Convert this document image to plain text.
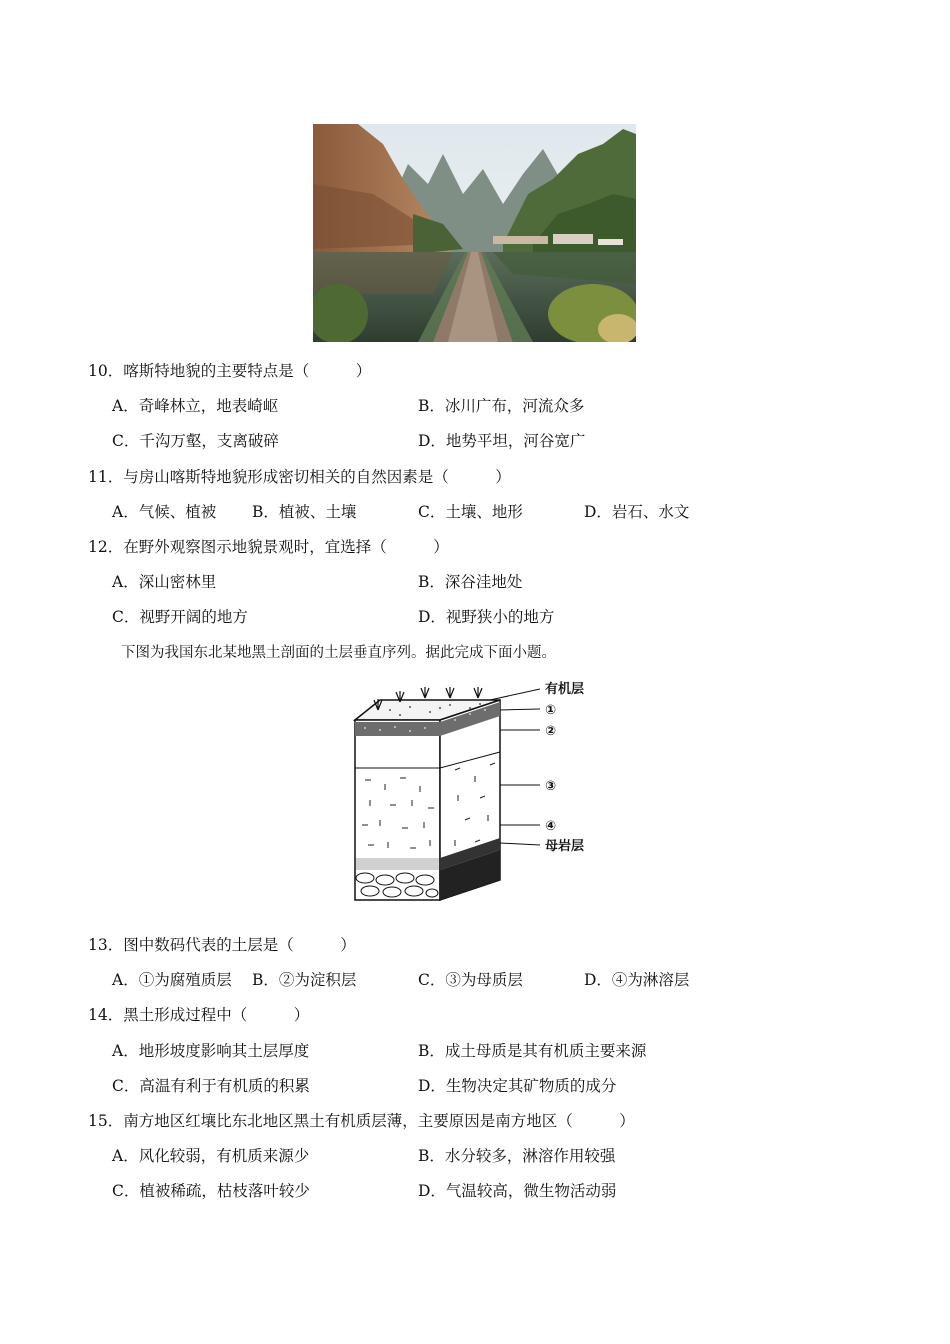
10．喀斯特地貌的主要特点是（　　　）
A．奇峰林立，地表崎岖	B．冰川广布，河流众多
C．千沟万壑，支离破碎	D．地势平坦，河谷宽广
11．与房山喀斯特地貌形成密切相关的自然因素是（　　　）
A．气候、植被 B．植被、土壤	C．土壤、地形	D．岩石、水文
12．在野外观察图示地貌景观时，宜选择（　　　）
A．深山密林里	B．深谷洼地处
C．视野开阔的地方	D．视野狭小的地方
下图为我国东北某地黑土剖面的土层垂直序列。据此完成下面小题。
有机层
①
②
③
④
母岩层
13．图中数码代表的土层是（　　　）
A．①为腐殖质层 B．②为淀积层	C．③为母质层	D．④为淋溶层
14．黑土形成过程中（　　　）
A．地形坡度影响其土层厚度	B．成土母质是其有机质主要来源
C．高温有利于有机质的积累	D．生物决定其矿物质的成分
15．南方地区红壤比东北地区黑土有机质层薄，主要原因是南方地区（　　　）
A．风化较弱，有机质来源少	B．水分较多，淋溶作用较强
C．植被稀疏，枯枝落叶较少	D．气温较高，微生物活动弱
